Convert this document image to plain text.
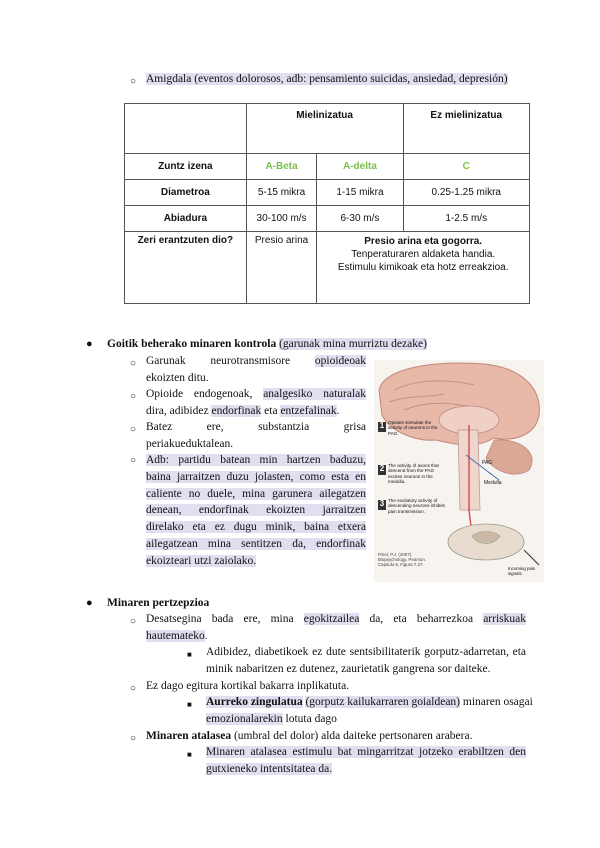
○ Amigdala (eventos dolorosos, adb: pensamiento suicidas, ansiedad, depresión)
	Mielinizatua		Ez mielinizatua
Zuntz izena	A-Beta	A-delta	C
Diametroa	5-15 mikra	1-15 mikra	0.25-1.25 mikra
Abiadura	30-100 m/s	6-30 m/s	1-2.5 m/s
Zeri erantzuten dio?	Presio arina	Presio arina eta gogorra.
Tenperaturaren aldaketa handia.
Estimulu kimikoak eta hotz erreakzioa.	
● Goitik beherako minaren kontrola (garunak mina murriztu dezake)
○ Garunak neurotransmisore opioideoak
ekoizten ditu.
○ Opioide endogenoak, analgesiko naturalak
dira, adibidez endorfinak eta entzefalinak.
○ Batez	ere,	substantzia	grisa
periakueduktalean.
○ Adb: partidu batean min hartzen baduzu,
baina jarraitzen duzu jolasten, como esta en
caliente no duele, mina garunera ailegatzen
denean, endorfinak ekoizten jarraitzen
direlako eta ez dugu minik, baina etxera
ailegatzean mina sentitzen da, endorfinak
ekoizteari utzi zaiolako.
1
2
3
Opiates stimulate the activity of neurons in the PAG.
The activity of axons that descend from the PAG excites neurons in the medulla.
The excitatory activity of descending neurons inhibits pain transmission.
PAG
Medulla
Incoming pain signals
Pinel, P.J. (2007). Biopsychology. Pearson. Capitulo 6, Figura 7.27
● Minaren pertzepzioa
○ Desatsegina bada ere, mina egokitzailea da, eta beharrezkoa arriskuak
hautemateko.
■ Adibidez, diabetikoek ez dute sentsibilitaterik gorputz-adarretan, eta
minik nabaritzen ez dutenez, zaurietatik gangrena sor daiteke.
○ Ez dago egitura kortikal bakarra inplikatuta.
■ Aurreko zingulatua (gorputz kailukarraren goialdean) minaren osagai
emozionalarekin lotuta dago
○ Minaren atalasea (umbral del dolor) alda daiteke pertsonaren arabera.
■ Minaren atalasea estimulu bat mingarritzat jotzeko erabiltzen den
gutxieneko intentsitatea da.
